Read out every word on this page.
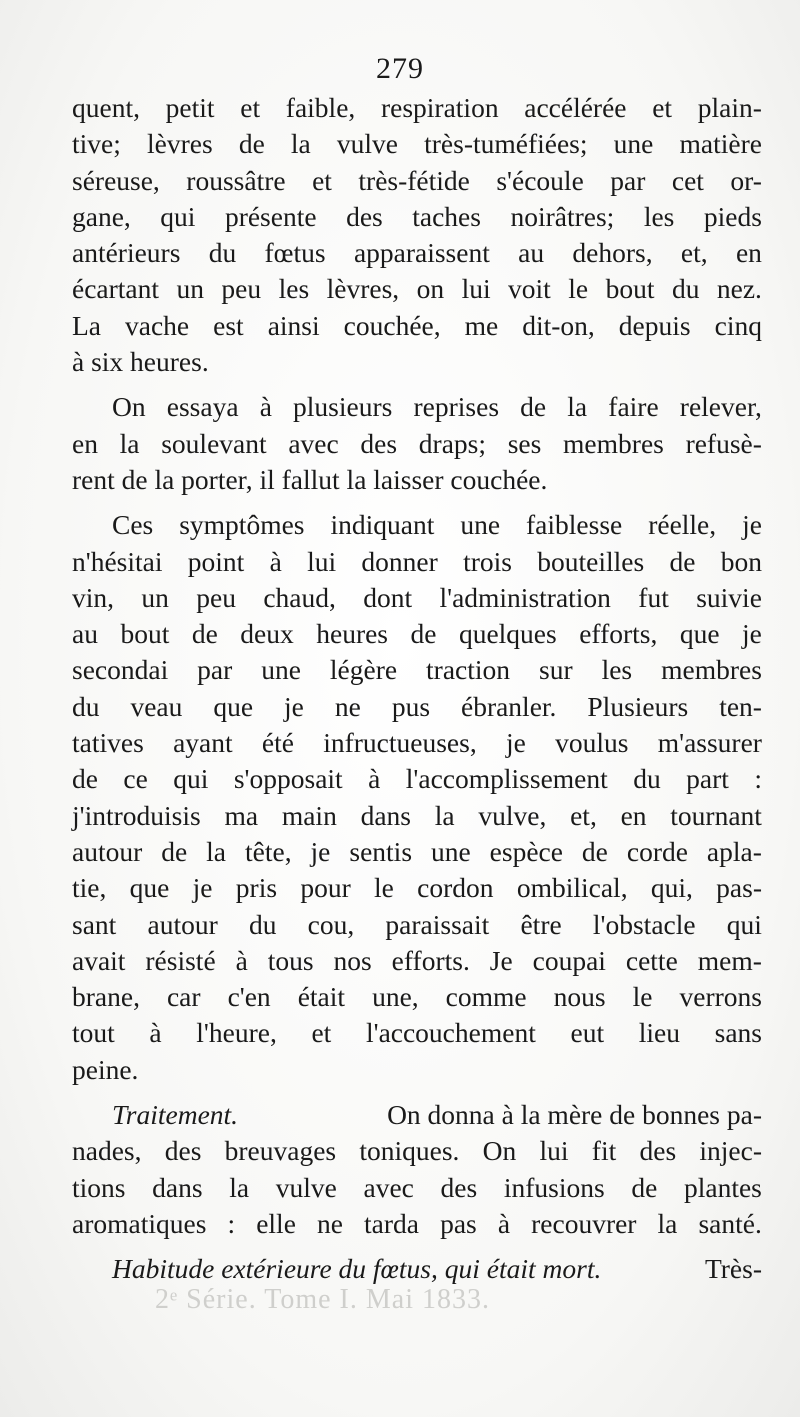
279
quent, petit et faible, respiration accélérée et plain-
tive; lèvres de la vulve très-tuméfiées; une matière
séreuse, roussâtre et très-fétide s'écoule par cet or-
gane, qui présente des taches noirâtres; les pieds
antérieurs du fœtus apparaissent au dehors, et, en
écartant un peu les lèvres, on lui voit le bout du nez.
La vache est ainsi couchée, me dit-on, depuis cinq
à six heures.
On essaya à plusieurs reprises de la faire relever,
en la soulevant avec des draps; ses membres refusè-
rent de la porter, il fallut la laisser couchée.
Ces symptômes indiquant une faiblesse réelle, je
n'hésitai point à lui donner trois bouteilles de bon
vin, un peu chaud, dont l'administration fut suivie
au bout de deux heures de quelques efforts, que je
secondai par une légère traction sur les membres
du veau que je ne pus ébranler. Plusieurs ten-
tatives ayant été infructueuses, je voulus m'assurer
de ce qui s'opposait à l'accomplissement du part :
j'introduisis ma main dans la vulve, et, en tournant
autour de la tête, je sentis une espèce de corde apla-
tie, que je pris pour le cordon ombilical, qui, pas-
sant autour du cou, paraissait être l'obstacle qui
avait résisté à tous nos efforts. Je coupai cette mem-
brane, car c'en était une, comme nous le verrons
tout à l'heure, et l'accouchement eut lieu sans
peine.
Traitement.	On donna à la mère de bonnes pa-
nades, des breuvages toniques. On lui fit des injec-
tions dans la vulve avec des infusions de plantes
aromatiques : elle ne tarda pas à recouvrer la santé.
Habitude extérieure du fœtus, qui était mort.	Très-
2ᵉ Série. Tome I. Mai 1833.
